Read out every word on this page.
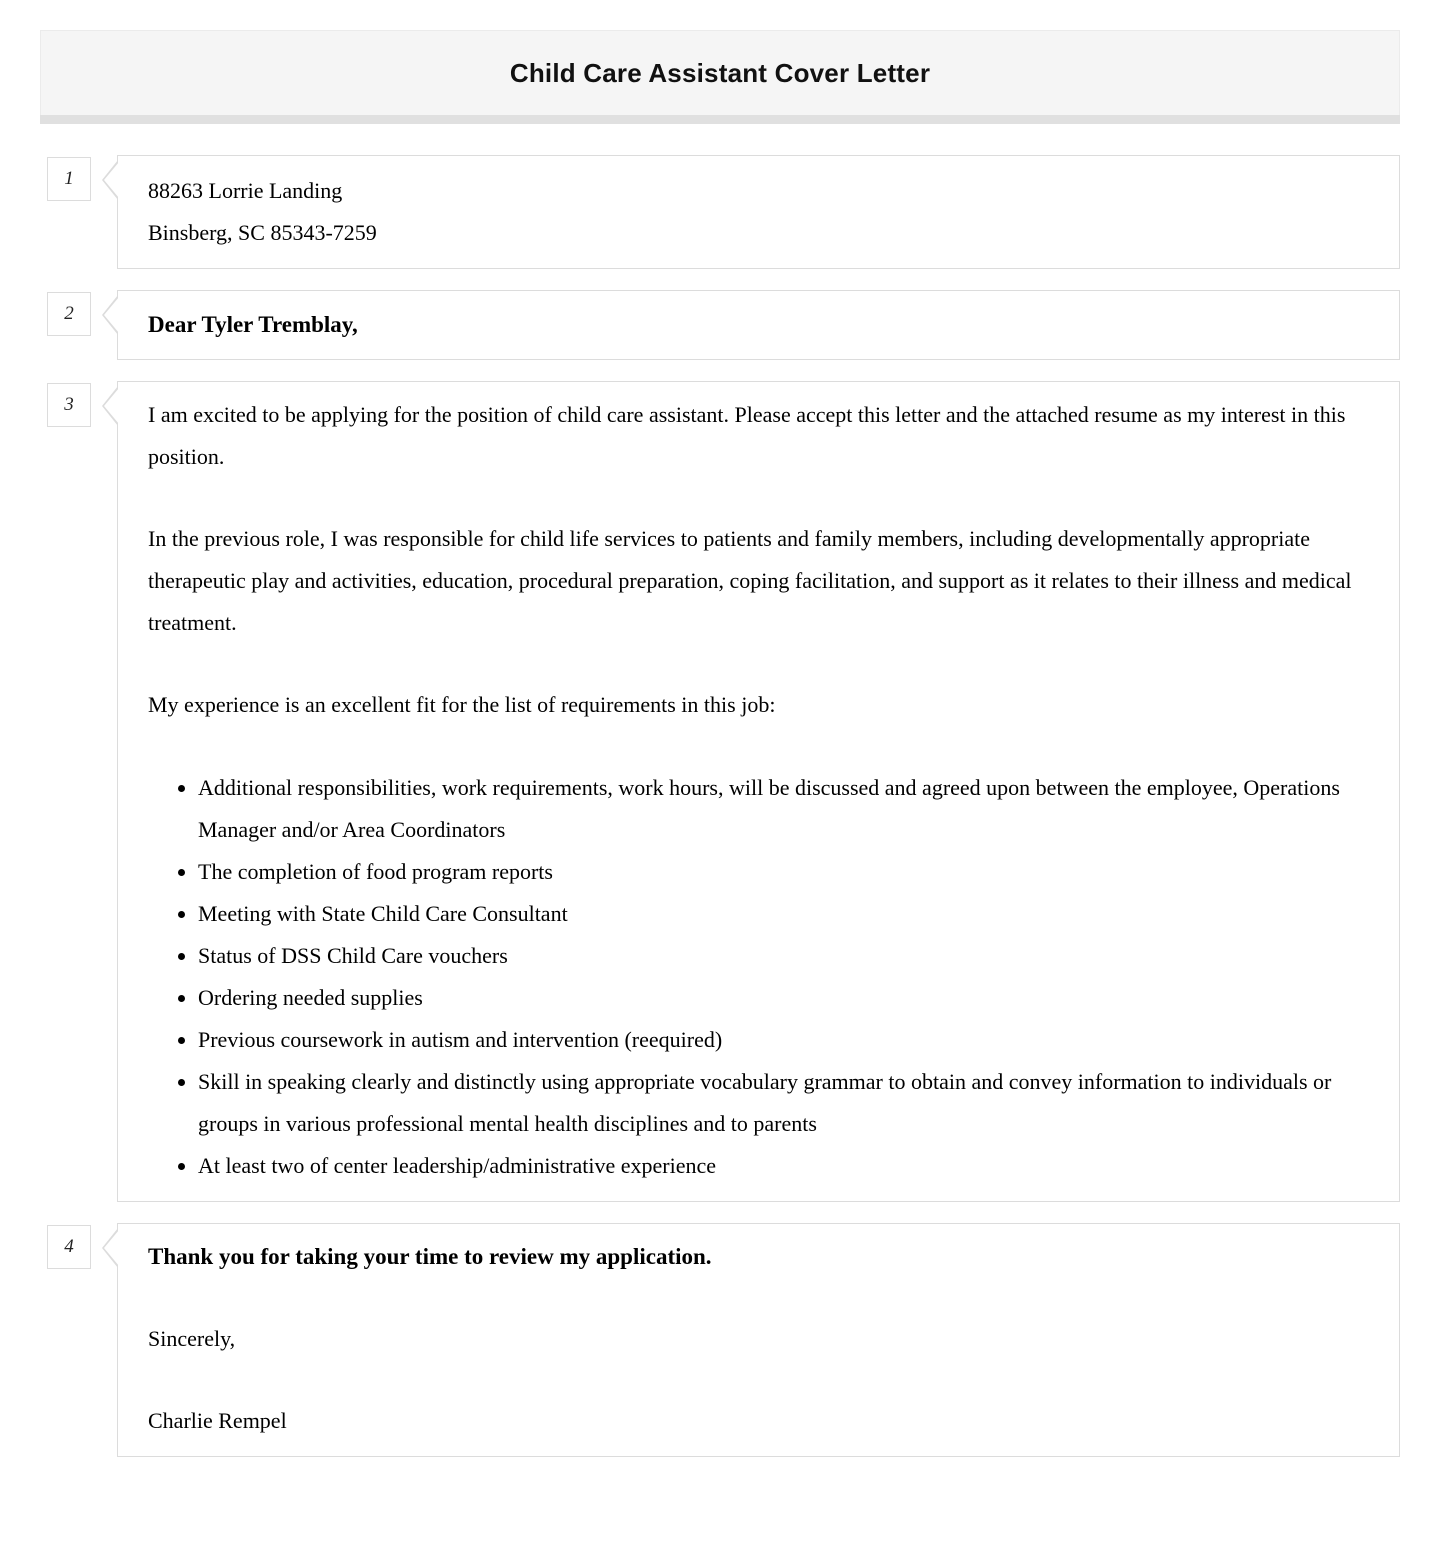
Child Care Assistant Cover Letter
1	88263 Lorrie Landing
Binsberg, SC 85343-7259
2	Dear Tyler Tremblay,
3	I am excited to be applying for the position of child care assistant. Please accept this letter and the attached resume as my interest in this position.

In the previous role, I was responsible for child life services to patients and family members, including developmentally appropriate therapeutic play and activities, education, procedural preparation, coping facilitation, and support as it relates to their illness and medical treatment.

My experience is an excellent fit for the list of requirements in this job:

• Additional responsibilities, work requirements, work hours, will be discussed and agreed upon between the employee, Operations Manager and/or Area Coordinators
• The completion of food program reports
• Meeting with State Child Care Consultant
• Status of DSS Child Care vouchers
• Ordering needed supplies
• Previous coursework in autism and intervention (reequired)
• Skill in speaking clearly and distinctly using appropriate vocabulary grammar to obtain and convey information to individuals or groups in various professional mental health disciplines and to parents
• At least two of center leadership/administrative experience
4	Thank you for taking your time to review my application.

Sincerely,

Charlie Rempel
